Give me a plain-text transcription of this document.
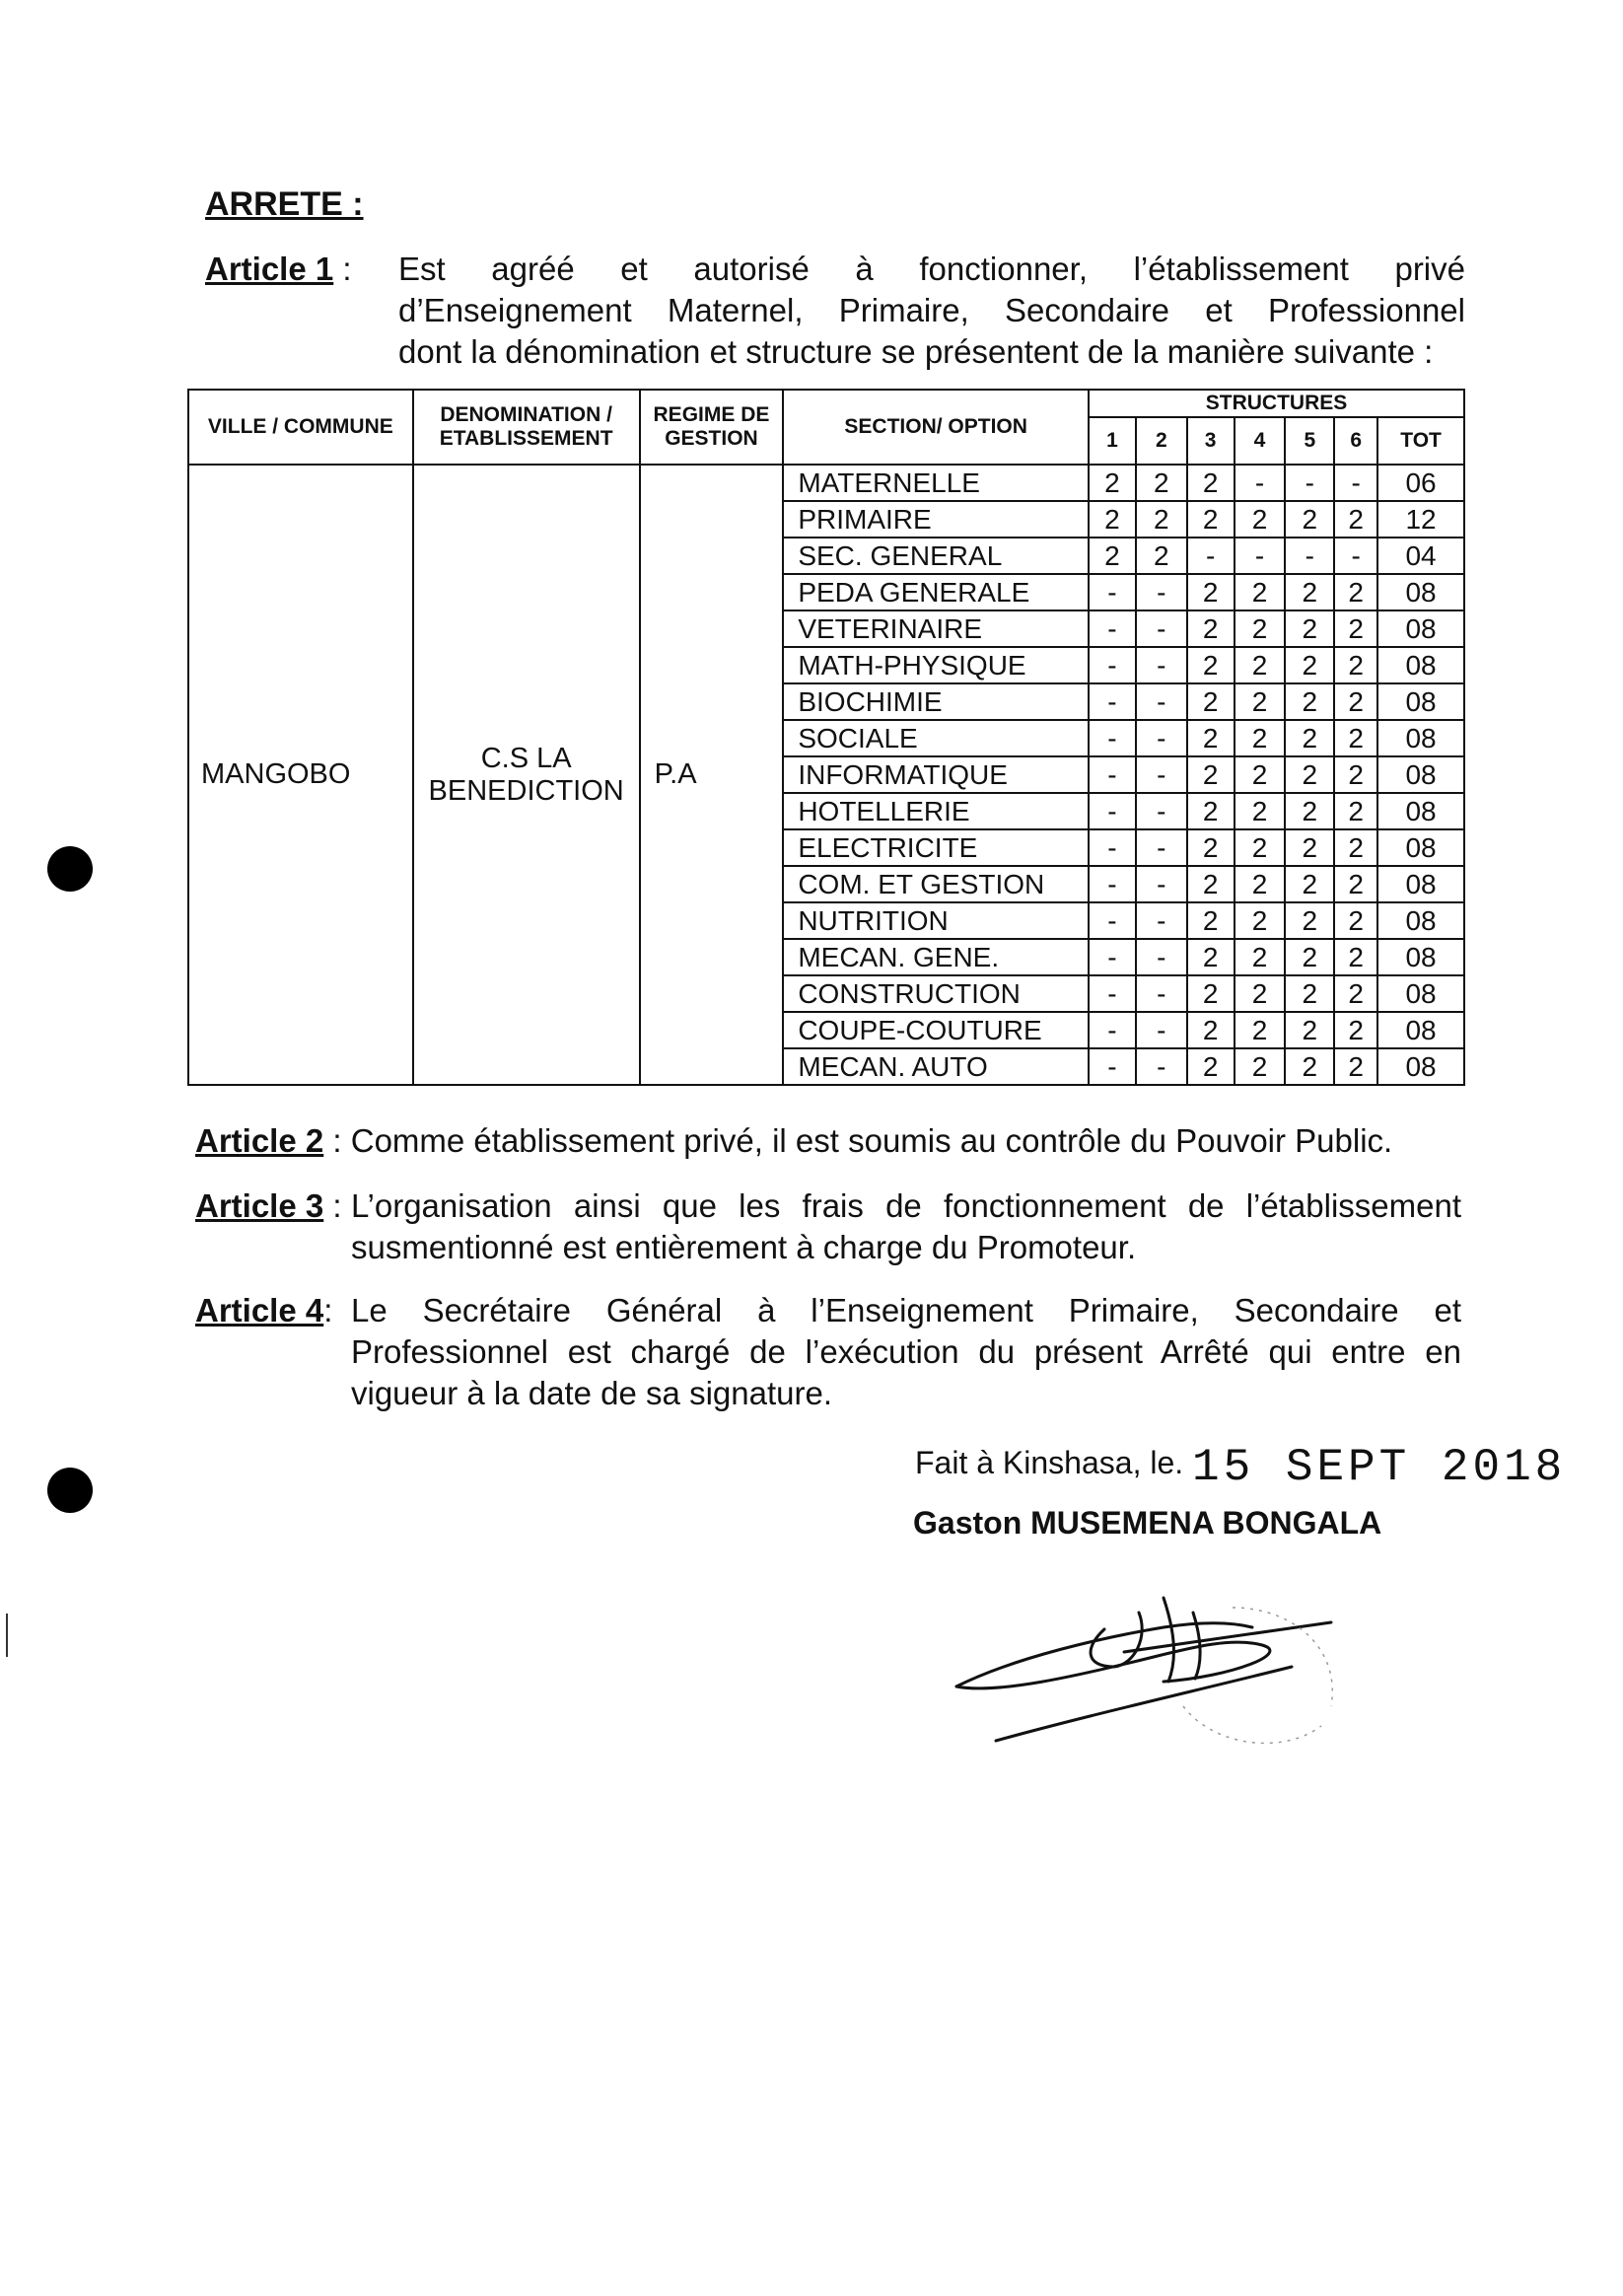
ARRETE :
Article 1 : Est agréé et autorisé à fonctionner, l’établissement privé
d’Enseignement Maternel, Primaire, Secondaire et Professionnel
dont la dénomination et structure se présentent de la manière suivante :
VILLE / COMMUNE	DENOMINATION / ETABLISSEMENT	REGIME DE GESTION	SECTION/ OPTION	STRUCTURES						
				1	2	3	4	5	6	TOT
MANGOBO	C.S LA BENEDICTION	P.A	MATERNELLE	2	2	2	-	-	-	06
			PRIMAIRE	2	2	2	2	2	2	12
			SEC. GENERAL	2	2	-	-	-	-	04
			PEDA GENERALE	-	-	2	2	2	2	08
			VETERINAIRE	-	-	2	2	2	2	08
			MATH-PHYSIQUE	-	-	2	2	2	2	08
			BIOCHIMIE	-	-	2	2	2	2	08
			SOCIALE	-	-	2	2	2	2	08
			INFORMATIQUE	-	-	2	2	2	2	08
			HOTELLERIE	-	-	2	2	2	2	08
			ELECTRICITE	-	-	2	2	2	2	08
			COM. ET GESTION	-	-	2	2	2	2	08
			NUTRITION	-	-	2	2	2	2	08
			MECAN. GENE.	-	-	2	2	2	2	08
			CONSTRUCTION	-	-	2	2	2	2	08
			COUPE-COUTURE	-	-	2	2	2	2	08
			MECAN. AUTO	-	-	2	2	2	2	08
Article 2 : Comme établissement privé, il est soumis au contrôle du Pouvoir Public.
Article 3 : L’organisation ainsi que les frais de fonctionnement de l’établissement
susmentionné est entièrement à charge du Promoteur.
Article 4: Le Secrétaire Général à l’Enseignement Primaire, Secondaire et
Professionnel est chargé de l’exécution du présent Arrêté qui entre en
vigueur à la date de sa signature.
Fait à Kinshasa, le. 15 SEPT 2018
Gaston MUSEMENA BONGALA
